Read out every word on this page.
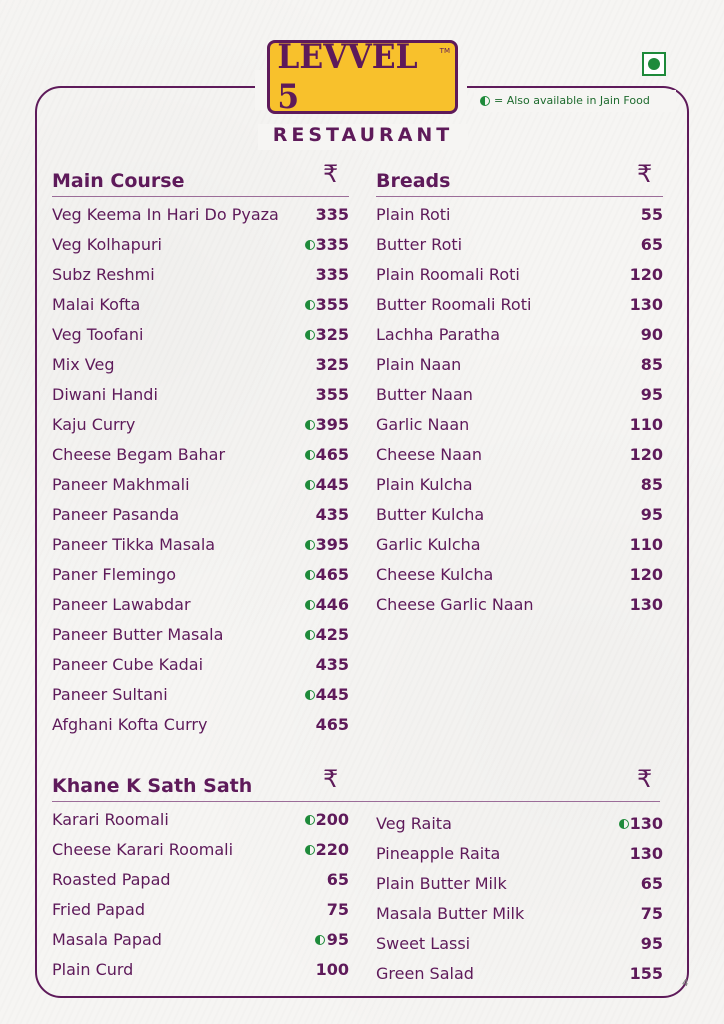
LEVVEL 5
TM
RESTAURANT
= Also available in Jain Food
Main Course	₹
Veg Keema In Hari Do Pyaza 335
Veg Kolhapuri	335
Subz Reshmi	335
Malai Kofta	355
Veg Toofani	325
Mix Veg	325
Diwani Handi	355
Kaju Curry	395
Cheese Begam Bahar	465
Paneer Makhmali	445
Paneer Pasanda	435
Paneer Tikka Masala	395
Paner Flemingo	465
Paneer Lawabdar	446
Paneer Butter Masala	425
Paneer Cube Kadai	435
Paneer Sultani	445
Afghani Kofta Curry	465
Breads	₹
Plain Roti	55
Butter Roti	65
Plain Roomali Roti	120
Butter Roomali Roti	130
Lachha Paratha	90
Plain Naan	85
Butter Naan	95
Garlic Naan	110
Cheese Naan	120
Plain Kulcha	85
Butter Kulcha	95
Garlic Kulcha	110
Cheese Kulcha	120
Cheese Garlic Naan	130
Khane K Sath Sath	₹	₹
Karari Roomali	200
Cheese Karari Roomali	220
Roasted Papad	65
Fried Papad	75
Masala Papad	95
Plain Curd	100
Veg Raita	130
Pineapple Raita	130
Plain Butter Milk	65
Masala Butter Milk	75
Sweet Lassi	95
Green Salad	155
4
